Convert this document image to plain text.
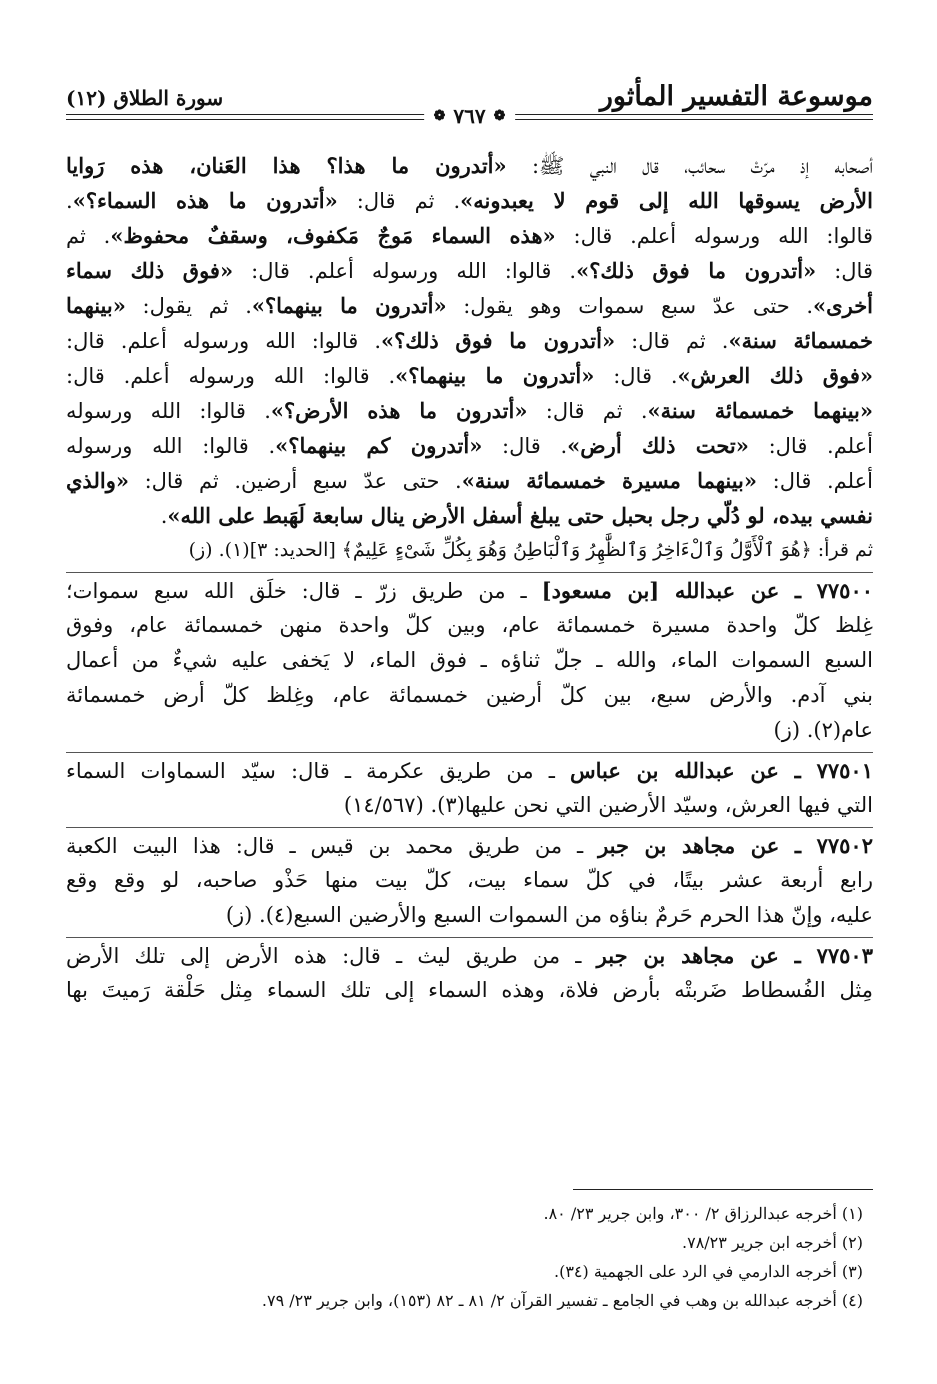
موسوعة التفسير المأثور
سورة الطلاق (١٢)
❁
٧٦٧
❁
أصحابه إذ مرّتْ سحائب، قال النبي ﷺ: «أتدرون ما هذا؟ هذا العَنان، هذه رَوايا
الأرض يسوقها الله إلى قوم لا يعبدونه». ثم قال: «أتدرون ما هذه السماء؟».
قالوا: الله ورسوله أعلم. قال: «هذه السماء مَوجٌ مَكفوف، وسقفٌ محفوظ». ثم
قال: «أتدرون ما فوق ذلك؟». قالوا: الله ورسوله أعلم. قال: «فوق ذلك سماء
أخرى». حتى عدّ سبع سموات وهو يقول: «أتدرون ما بينهما؟». ثم يقول: «بينهما
خمسمائة سنة». ثم قال: «أتدرون ما فوق ذلك؟». قالوا: الله ورسوله أعلم. قال:
«فوق ذلك العرش». قال: «أتدرون ما بينهما؟». قالوا: الله ورسوله أعلم. قال:
«بينهما خمسمائة سنة». ثم قال: «أتدرون ما هذه الأرض؟». قالوا: الله ورسوله
أعلم. قال: «تحت ذلك أرض». قال: «أتدرون كم بينهما؟». قالوا: الله ورسوله
أعلم. قال: «بينهما مسيرة خمسمائة سنة». حتى عدّ سبع أرضين. ثم قال: «والذي
نفسي بيده، لو دُلّي رجل بحبل حتى يبلغ أسفل الأرض ينال سابعة لَهَبط على الله».
ثم قرأ: ﴿هُوَ ٱلْأَوَّلُ وَٱلْءَاخِرُ وَٱلظَّٰهِرُ وَٱلْبَاطِنُ وَهُوَ بِكُلِّ شَىْءٍ عَلِيمٌ﴾ [الحديد: ٣](١). (ز)
٧٧٥٠٠ ـ عن عبدالله [بن مسعود] ـ من طريق زرّ ـ قال: خلَق الله سبع سموات؛
غِلظ كلّ واحدة مسيرة خمسمائة عام، وبين كلّ واحدة منهن خمسمائة عام، وفوق
السبع السموات الماء، والله ـ جلّ ثناؤه ـ فوق الماء، لا يَخفى عليه شيءٌ من أعمال
بني آدم. والأرض سبع، بين كلّ أرضين خمسمائة عام، وغِلظ كلّ أرض خمسمائة
عام(٢). (ز)
٧٧٥٠١ ـ عن عبدالله بن عباس ـ من طريق عكرمة ـ قال: سيّد السماوات السماء
التي فيها العرش، وسيّد الأرضين التي نحن عليها(٣). (١٤/٥٦٧)
٧٧٥٠٢ ـ عن مجاهد بن جبر ـ من طريق محمد بن قيس ـ قال: هذا البيت الكعبة
رابع أربعة عشر بيتًا، في كلّ سماء بيت، كلّ بيت منها حَذْو صاحبه، لو وقع وقع
عليه، وإنّ هذا الحرم حَرمٌ بناؤه من السموات السبع والأرضين السبع(٤). (ز)
٧٧٥٠٣ ـ عن مجاهد بن جبر ـ من طريق ليث ـ قال: هذه الأرض إلى تلك الأرض
مِثل الفُسطاط ضَربتْه بأرض فلاة، وهذه السماء إلى تلك السماء مِثل حَلْقة رَميتَ بها
(١) أخرجه عبدالرزاق ٢/ ٣٠٠، وابن جرير ٢٣/ ٨٠.
(٢) أخرجه ابن جرير ٧٨/٢٣.
(٣) أخرجه الدارمي في الرد على الجهمية (٣٤).
(٤) أخرجه عبدالله بن وهب في الجامع ـ تفسير القرآن ٢/ ٨١ ـ ٨٢ (١٥٣)، وابن جرير ٢٣/ ٧٩.
